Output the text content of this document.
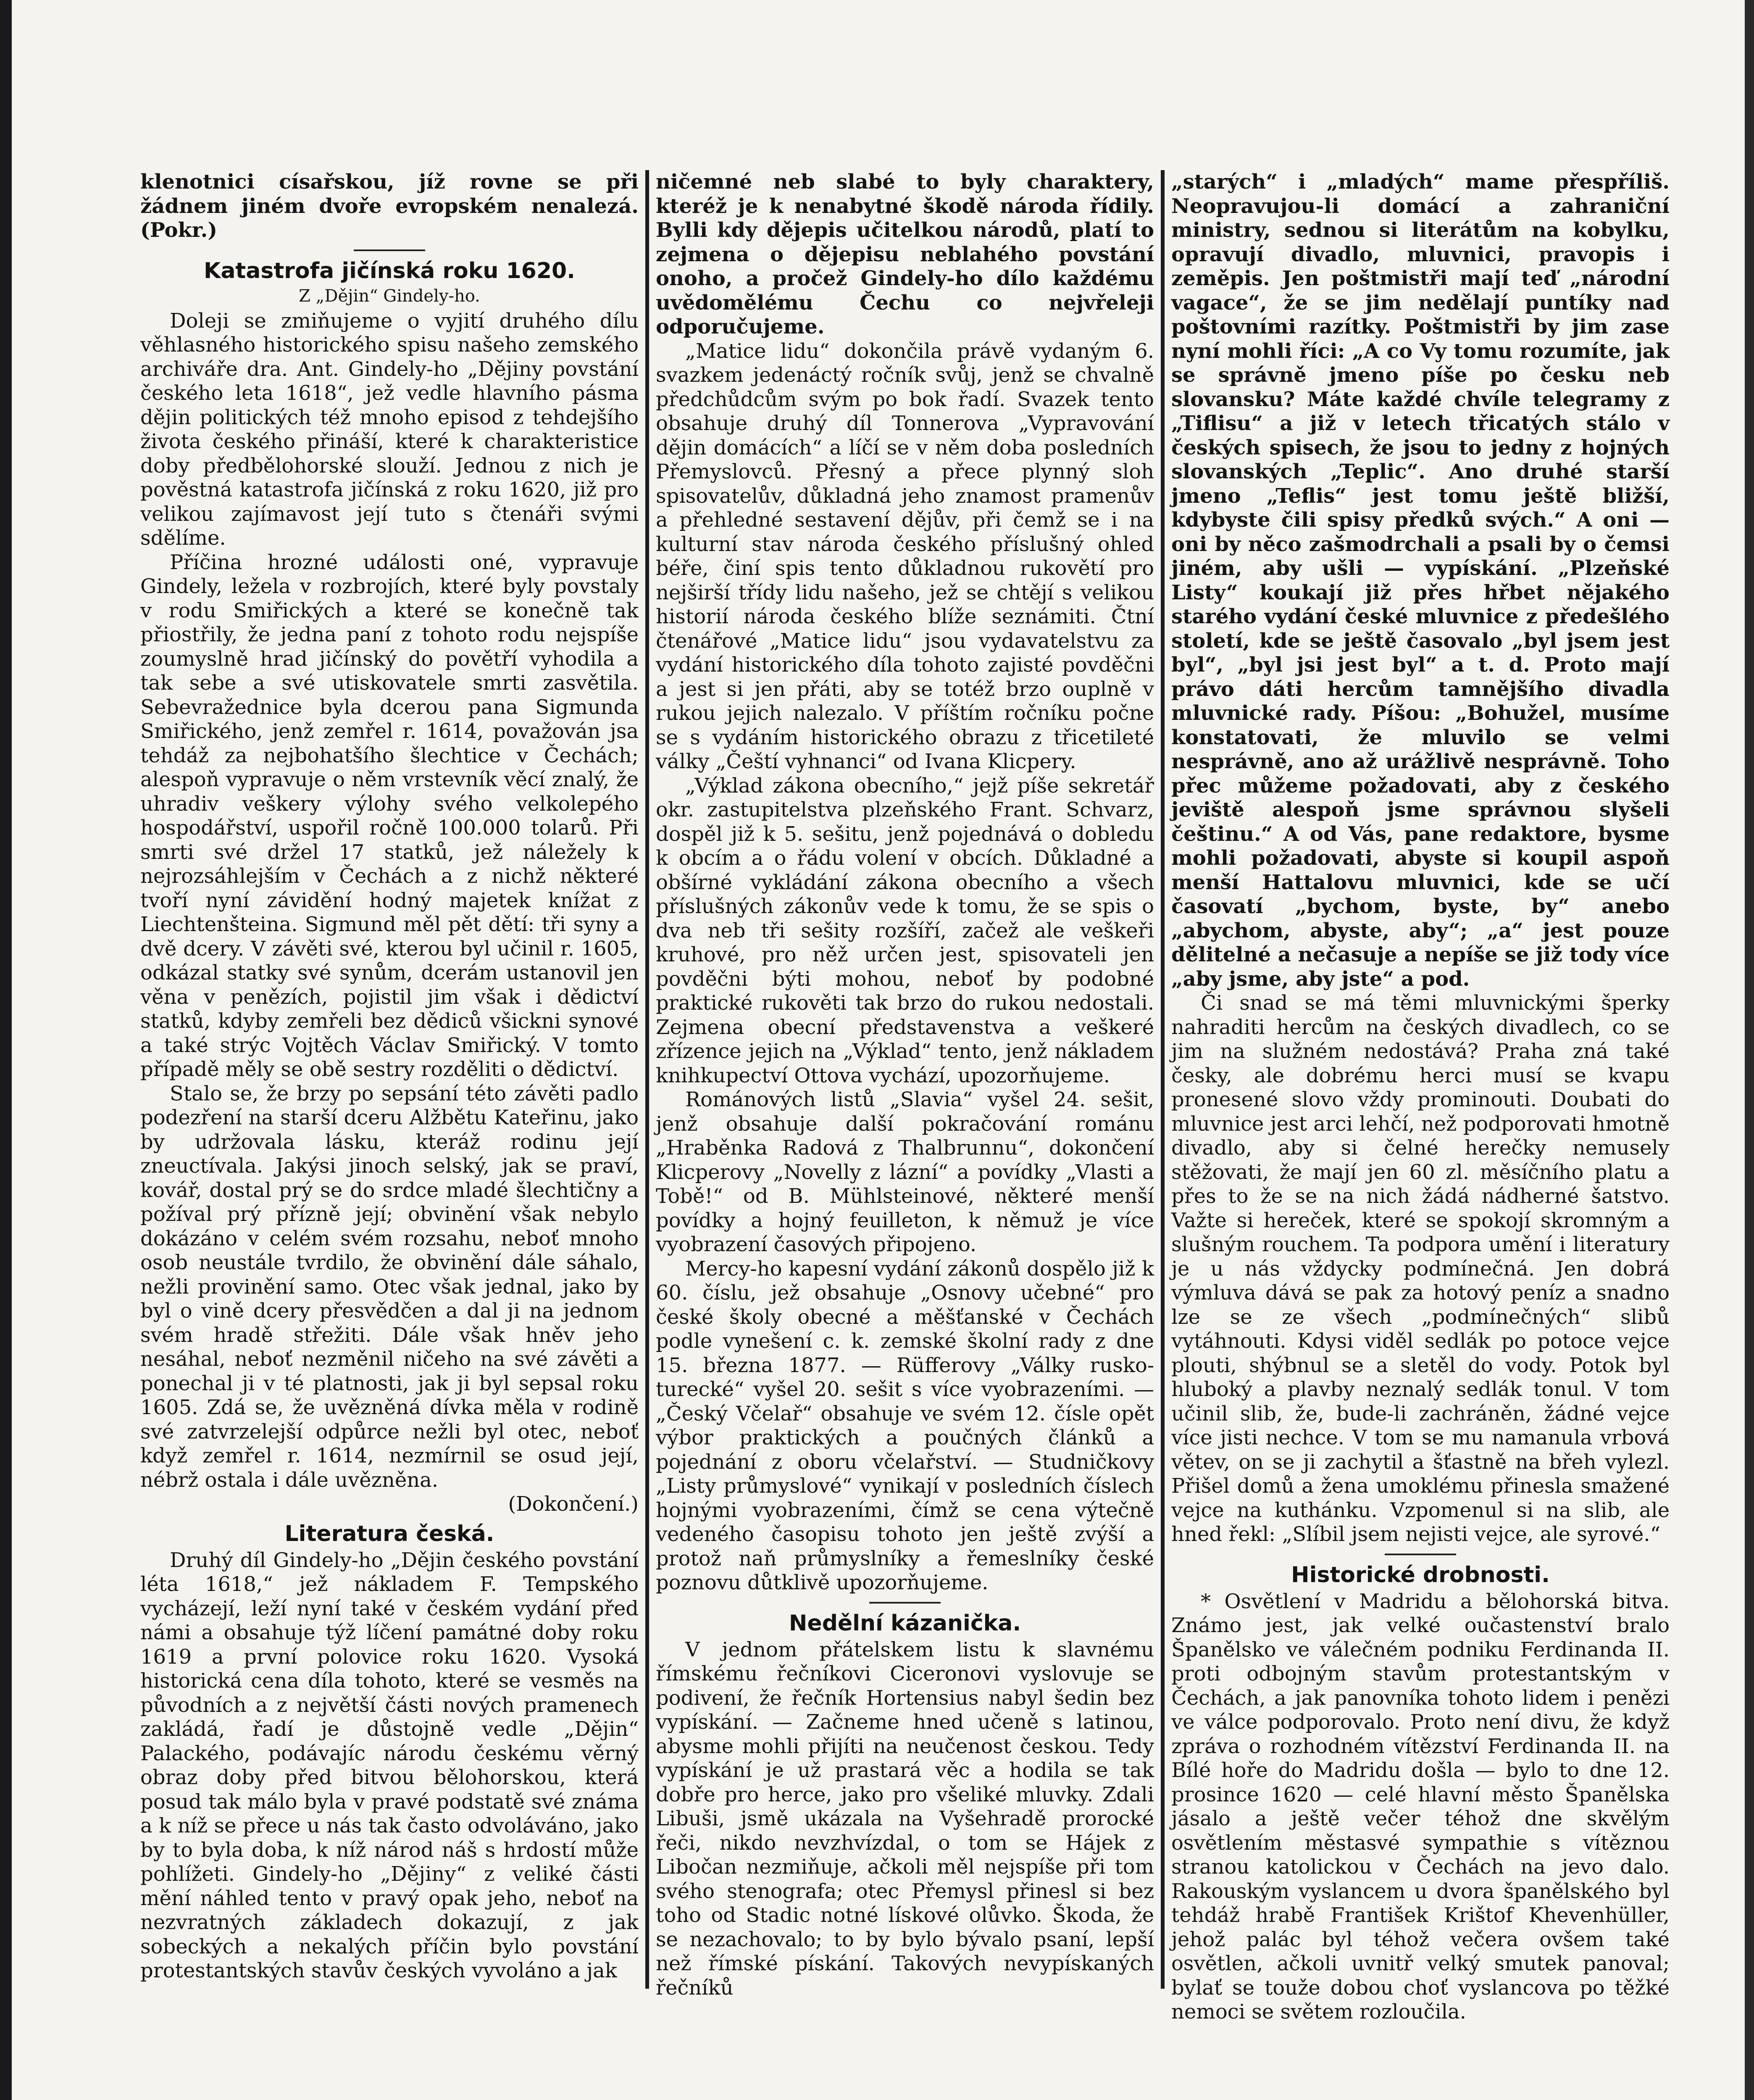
klenotnici císařskou, jíž rovne se při žádnem jiném dvoře evropském nenalezá. (Pokr.)

Katastrofa jičínská roku 1620.
Z „Dějin“ Gindely-ho.

Doleji se zmiňujeme o vyjití druhého dílu věhlasného historického spisu našeho zemského archiváře dra. Ant. Gindely-ho „Dějiny povstání českého leta 1618“, jež vedle hlavního pásma dějin politických též mnoho episod z tehdejšího života českého přináší, které k charakteristice doby předbělohorské slouží. Jednou z nich je pověstná katastrofa jičínská z roku 1620, již pro velikou zajímavost její tuto s čtenáři svými sdělíme.

Příčina hrozné události oné, vypravuje Gindely, ležela v rozbrojích, které byly povstaly v rodu Smiřických a které se konečně tak přiostřily, že jedna paní z tohoto rodu nejspíše zoumyslně hrad jičínský do povětří vyhodila a tak sebe a své utiskovatele smrti zasvětila. Sebevražednice byla dcerou pana Sigmunda Smiřického, jenž zemřel r. 1614, považován jsa tehdáž za nejbohatšího šlechtice v Čechách; alespoň vypravuje o něm vrstevník věcí znalý, že uhradiv veškery výlohy svého velkolepého hospodářství, uspořil ročně 100.000 tolarů. Při smrti své držel 17 statků, jež náležely k nejrozsáhlejším v Čechách a z nichž některé tvoří nyní závidění hodný majetek knížat z Liechtenšteina. Sigmund měl pět dětí: tři syny a dvě dcery. V závěti své, kterou byl učinil r. 1605, odkázal statky své synům, dcerám ustanovil jen věna v penězích, pojistil jim však i dědictví statků, kdyby zemřeli bez dědiců všickni synové a také strýc Vojtěch Václav Smiřický. V tomto případě měly se obě sestry rozděliti o dědictví.

Stalo se, že brzy po sepsání této závěti padlo podezření na starší dceru Alžbětu Kateřinu, jako by udržovala lásku, kteráž rodinu její zneuctívala. Jakýsi jinoch selský, jak se praví, kovář, dostal prý se do srdce mladé šlechtičny a požíval prý přízně její; obvinění však nebylo dokázáno v celém svém rozsahu, neboť mnoho osob neustále tvrdilo, že obvinění dále sáhalo, nežli provinění samo. Otec však jednal, jako by byl o vině dcery přesvědčen a dal ji na jednom svém hradě střežiti. Dále však hněv jeho nesáhal, neboť nezměnil ničeho na své závěti a ponechal ji v té platnosti, jak ji byl sepsal roku 1605. Zdá se, že uvězněná dívka měla v rodině své zatvrzelejší odpůrce nežli byl otec, neboť když zemřel r. 1614, nezmírnil se osud její, nébrž ostala i dále uvězněna.

(Dokončení.)

Literatura česká.

Druhý díl Gindely-ho „Dějin českého povstání léta 1618,“ jež nákladem F. Tempského vycházejí, leží nyní také v českém vydání před námi a obsahuje týž líčení památné doby roku 1619 a první polovice roku 1620. Vysoká historická cena díla tohoto, které se vesměs na původních a z největší části nových pramenech zakládá, řadí je důstojně vedle „Dějin“ Palackého, podávajíc národu českému věrný obraz doby před bitvou bělohorskou, která posud tak málo byla v pravé podstatě své známa a k níž se přece u nás tak často odvoláváno, jako by to byla doba, k níž národ náš s hrdostí může pohlížeti. Gindely-ho „Dějiny“ z veliké části mění náhled tento v pravý opak jeho, neboť na nezvratných základech dokazují, z jak sobeckých a nekalých příčin bylo povstání protestantských stavův českých vyvoláno a jak

ničemné neb slabé to byly charaktery, kteréž je k nenabytné škodě národa řídily. Bylli kdy dějepis učitelkou národů, platí to zejmena o dějepisu neblahého povstání onoho, a pročež Gindely-ho dílo každému uvědomělému Čechu co nejvřeleji odporučujeme.

„Matice lidu“ dokončila právě vydaným 6. svazkem jedenáctý ročník svůj, jenž se chvalně předchůdcům svým po bok řadí. Svazek tento obsahuje druhý díl Tonnerova „Vypravování dějin domácích“ a líčí se v něm doba posledních Přemyslovců. Přesný a přece plynný sloh spisovatelův, důkladná jeho znamost pramenův a přehledné sestavení dějův, při čemž se i na kulturní stav národa českého příslušný ohled béře, činí spis tento důkladnou rukovětí pro nejširší třídy lidu našeho, jež se chtějí s velikou historií národa českého blíže seznámiti. Čtní čtenářové „Matice lidu“ jsou vydavatelstvu za vydání historického díla tohoto zajisté povděčni a jest si jen přáti, aby se totéž brzo ouplně v rukou jejich nalezalo. V příštím ročníku počne se s vydáním historického obrazu z třicetileté války „Čeští vyhnanci“ od Ivana Klicpery.

„Výklad zákona obecního,“ jejž píše sekretář okr. zastupitelstva plzeňského Frant. Schvarz, dospěl již k 5. sešitu, jenž pojednává o dobledu k obcím a o řádu volení v obcích. Důkladné a obšírné vykládání zákona obecního a všech příslušných zákonův vede k tomu, že se spis o dva neb tři sešity rozšíří, začež ale veškeři kruhové, pro něž určen jest, spisovateli jen povděčni býti mohou, neboť by podobné praktické rukověti tak brzo do rukou nedostali. Zejmena obecní představenstva a veškeré zřízence jejich na „Výklad“ tento, jenž nákladem knihkupectví Ottova vychází, upozorňujeme.

Románových listů „Slavia“ vyšel 24. sešit, jenž obsahuje další pokračování románu „Hraběnka Radová z Thalbrunnu“, dokončení Klicperovy „Novelly z lázní“ a povídky „Vlasti a Tobě!“ od B. Mühlsteinové, některé menší povídky a hojný feuilleton, k němuž je více vyobrazení časových připojeno.

Mercy-ho kapesní vydání zákonů dospělo již k 60. číslu, jež obsahuje „Osnovy učebné“ pro české školy obecné a měšťanské v Čechách podle vynešení c. k. zemské školní rady z dne 15. března 1877. — Rüfferovy „Války rusko-turecké“ vyšel 20. sešit s více vyobrazeními. — „Český Včelař“ obsahuje ve svém 12. čísle opět výbor praktických a poučných článků a pojednání z oboru včelařství. — Studničkovy „Listy průmyslové“ vynikají v posledních číslech hojnými vyobrazeními, čímž se cena výtečně vedeného časopisu tohoto jen ještě zvýší a protož naň průmyslníky a řemeslníky české poznovu důtklivě upozorňujeme.

Nedělní kázanička.

V jednom přátelskem listu k slavnému římskému řečníkovi Ciceronovi vyslovuje se podivení, že řečník Hortensius nabyl šedin bez vypískání. — Začneme hned učeně s latinou, abysme mohli přijíti na neučenost českou. Tedy vypískání je už prastará věc a hodila se tak dobře pro herce, jako pro všeliké mluvky. Zdali Libuši, jsmě ukázala na Vyšehradě prorocké řeči, nikdo nevzhvízdal, o tom se Hájek z Libočan nezmiňuje, ačkoli měl nejspíše při tom svého stenografa; otec Přemysl přinesl si bez toho od Stadic notné lískové olůvko. Škoda, že se nezachovalo; to by bylo bývalo psaní, lepší než římské pískání. Takových nevypískaných řečníků

„starých“ i „mladých“ mame přespříliš. Neopravujou-li domácí a zahraniční ministry, sednou si literátům na kobylku, opravují divadlo, mluvnici, pravopis i zeměpis. Jen poštmistři mají teď „národní vagace“, že se jim nedělají puntíky nad poštovními razítky. Poštmistři by jim zase nyní mohli říci: „A co Vy tomu rozumíte, jak se správně jmeno píše po česku neb slovansku? Máte každé chvíle telegramy z „Tiflisu“ a již v letech třicatých stálo v českých spisech, že jsou to jedny z hojných slovanských „Teplic“. Ano druhé starší jmeno „Teflis“ jest tomu ještě bližší, kdybyste čili spisy předků svých.“ A oni — oni by něco zašmodrchali a psali by o čemsi jiném, aby ušli — vypískání. „Plzeňské Listy“ koukají již přes hřbet nějakého starého vydání české mluvnice z předešlého století, kde se ještě časovalo „byl jsem jest byl“, „byl jsi jest byl“ a t. d. Proto mají právo dáti hercům tamnějšího divadla mluvnické rady. Píšou: „Bohužel, musíme konstatovati, že mluvilo se velmi nesprávně, ano až urážlivě nesprávně. Toho přec můžeme požadovati, aby z českého jeviště alespoň jsme správnou slyšeli češtinu.“ A od Vás, pane redaktore, bysme mohli požadovati, abyste si koupil aspoň menší Hattalovu mluvnici, kde se učí časovatí „bychom, byste, by“ anebo „abychom, abyste, aby“; „a“ jest pouze dělitelné a nečasuje a nepíše se již tody více „aby jsme, aby jste“ a pod.

Či snad se má těmi mluvnickými šperky nahraditi hercům na českých divadlech, co se jim na služném nedostává? Praha zná také česky, ale dobrému herci musí se kvapu pronesené slovo vždy prominouti. Doubati do mluvnice jest arci lehčí, než podporovati hmotně divadlo, aby si čelné herečky nemusely stěžovati, že mají jen 60 zl. měsíčního platu a přes to že se na nich žádá nádherné šatstvo. Važte si hereček, které se spokojí skromným a slušným rouchem. Ta podpora umění i literatury je u nás vždycky podmínečná. Jen dobrá výmluva dává se pak za hotový peníz a snadno lze se ze všech „podmínečných“ slibů vytáhnouti. Kdysi viděl sedlák po potoce vejce plouti, shýbnul se a sletěl do vody. Potok byl hluboký a plavby neznalý sedlák tonul. V tom učinil slib, že, bude-li zachráněn, žádné vejce více jisti nechce. V tom se mu namanula vrbová větev, on se ji zachytil a šťastně na břeh vylezl. Přišel domů a žena umoklému přinesla smažené vejce na kuthánku. Vzpomenul si na slib, ale hned řekl: „Slíbil jsem nejisti vejce, ale syrové.“

Historické drobnosti.

* Osvětlení v Madridu a bělohorská bitva. Známo jest, jak velké oučastenství bralo Španělsko ve válečném podniku Ferdinanda II. proti odbojným stavům protestantským v Čechách, a jak panovníka tohoto lidem i penězi ve válce podporovalo. Proto není divu, že když zpráva o rozhodném vítězství Ferdinanda II. na Bílé hoře do Madridu došla — bylo to dne 12. prosince 1620 — celé hlavní město Španělska jásalo a ještě večer téhož dne skvělým osvětlením městasvé sympathie s vítěznou stranou katolickou v Čechách na jevo dalo. Rakouským vyslancem u dvora španělského byl tehdáž hrabě František Krištof Khevenhüller, jehož palác byl téhož večera ovšem také osvětlen, ačkoli uvnitř velký smutek panoval; bylať se touže dobou choť vyslancova po těžké nemoci se světem rozloučila.
